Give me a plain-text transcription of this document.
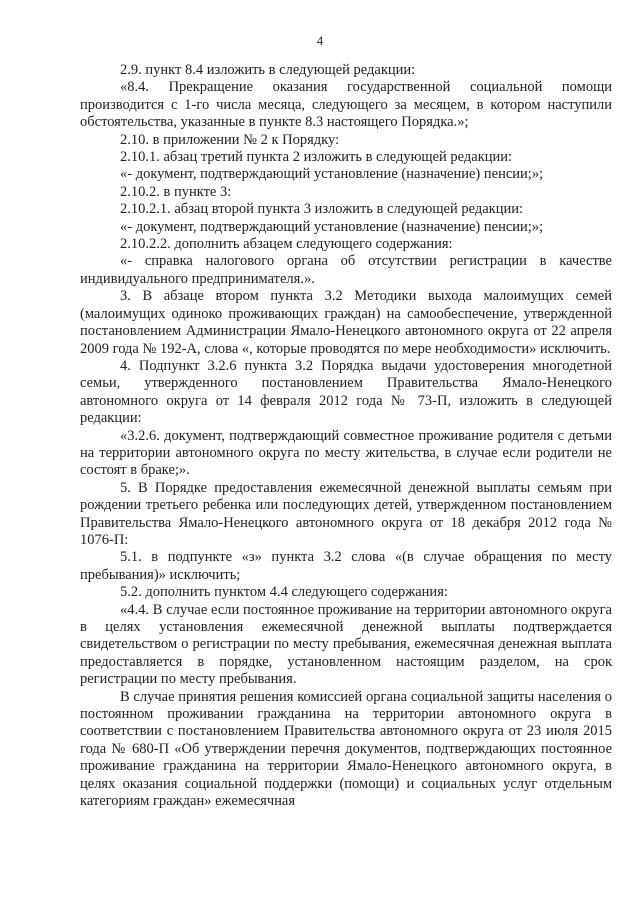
4

2.9. пункт 8.4 изложить в следующей редакции:

«8.4. Прекращение оказания государственной социальной помощи производится с 1-го числа месяца, следующего за месяцем, в котором наступили обстоятельства, указанные в пункте 8.3 настоящего Порядка.»;

2.10. в приложении № 2 к Порядку:

2.10.1. абзац третий пункта 2 изложить в следующей редакции:

«- документ, подтверждающий установление (назначение) пенсии;»;

2.10.2. в пункте 3:

2.10.2.1. абзац второй пункта 3 изложить в следующей редакции:

«- документ, подтверждающий установление (назначение) пенсии;»;

2.10.2.2. дополнить абзацем следующего содержания:

«- справка налогового органа об отсутствии регистрации в качестве индивидуального предпринимателя.».

3. В абзаце втором пункта 3.2 Методики выхода малоимущих семей (малоимущих одиноко проживающих граждан) на самообеспечение, утвержденной постановлением Администрации Ямало-Ненецкого автономного округа от 22 апреля 2009 года № 192-А, слова «, которые проводятся по мере необходимости» исключить.

4. Подпункт 3.2.6 пункта 3.2 Порядка выдачи удостоверения многодетной семьи, утвержденного постановлением Правительства Ямало-Ненецкого автономного округа от 14 февраля 2012 года № 73-П, изложить в следующей редакции:

«3.2.6. документ, подтверждающий совместное проживание родителя с детьми на территории автономного округа по месту жительства, в случае если родители не состоят в браке;».

5. В Порядке предоставления ежемесячной денежной выплаты семьям при рождении третьего ребенка или последующих детей, утвержденном постановлением Правительства Ямало-Ненецкого автономного округа от 18 декабря 2012 года № 1076-П:

5.1. в подпункте «з» пункта 3.2 слова «(в случае обращения по месту пребывания)» исключить;

5.2. дополнить пунктом 4.4 следующего содержания:

«4.4. В случае если постоянное проживание на территории автономного округа в целях установления ежемесячной денежной выплаты подтверждается свидетельством о регистрации по месту пребывания, ежемесячная денежная выплата предоставляется в порядке, установленном настоящим разделом, на срок регистрации по месту пребывания.

В случае принятия решения комиссией органа социальной защиты населения о постоянном проживании гражданина на территории автономного округа в соответствии с постановлением Правительства автономного округа от 23 июля 2015 года № 680-П «Об утверждении перечня документов, подтверждающих постоянное проживание гражданина на территории Ямало-Ненецкого автономного округа, в целях оказания социальной поддержки (помощи) и социальных услуг отдельным категориям граждан» ежемесячная
